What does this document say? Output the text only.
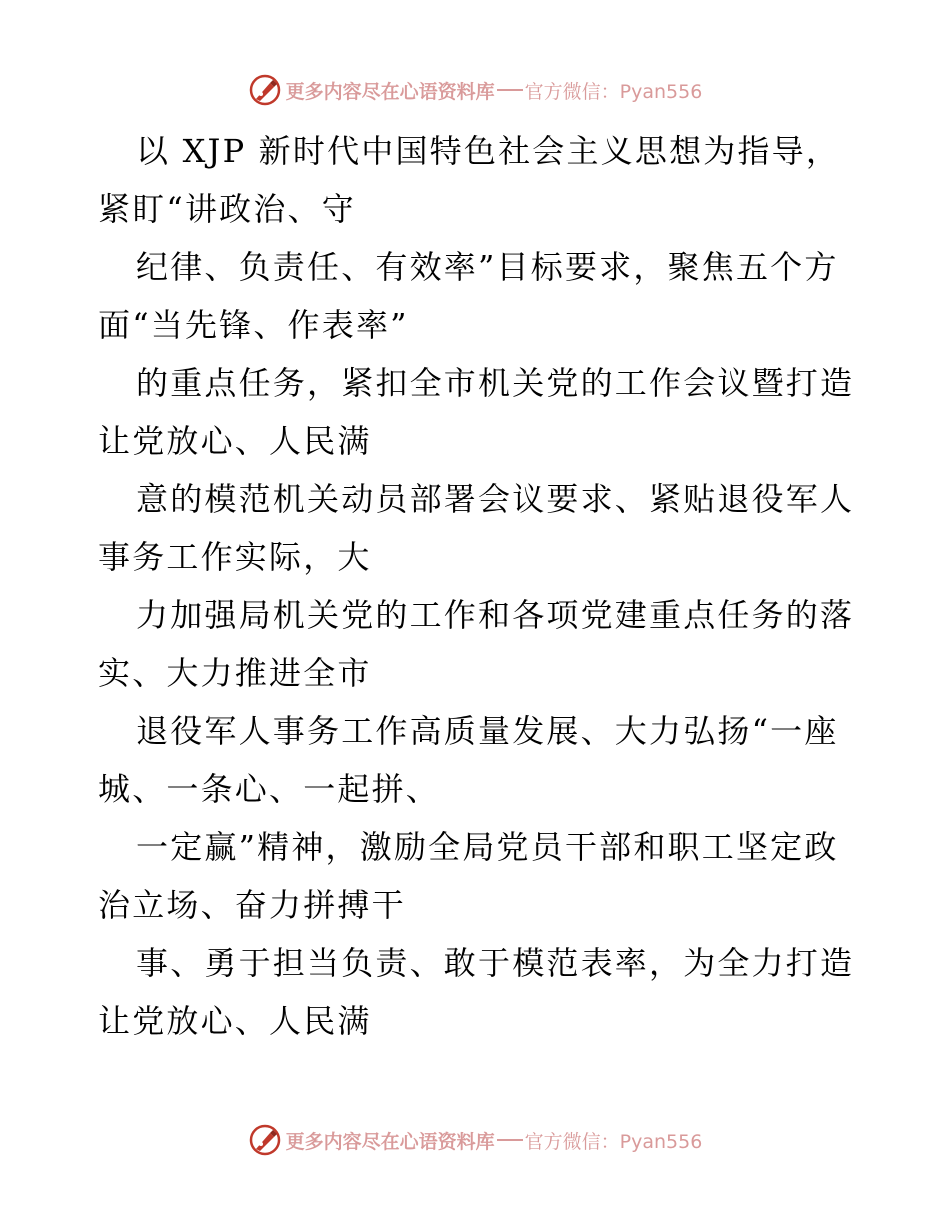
更多内容尽在心语资料库 官方微信：Pyan556
以 XJP 新时代中国特色社会主义思想为指导，
紧盯“讲政治、守
纪律、负责任、有效率”目标要求，聚焦五个方
面“当先锋、作表率”
的重点任务，紧扣全市机关党的工作会议暨打造
让党放心、人民满
意的模范机关动员部署会议要求、紧贴退役军人
事务工作实际，大
力加强局机关党的工作和各项党建重点任务的落
实、大力推进全市
退役军人事务工作高质量发展、大力弘扬“一座
城、一条心、一起拼、
一定赢”精神，激励全局党员干部和职工坚定政
治立场、奋力拼搏干
事、勇于担当负责、敢于模范表率，为全力打造
让党放心、人民满
更多内容尽在心语资料库 官方微信：Pyan556
